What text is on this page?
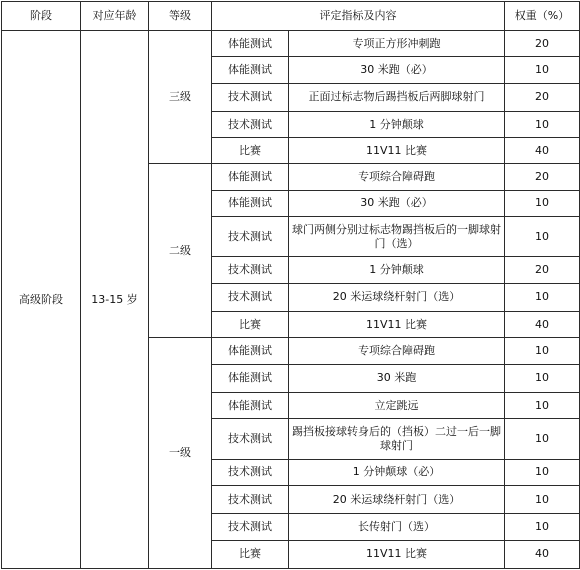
阶段	对应年龄	等级	评定指标及内容		权重（%）
高级阶段	13-15 岁	三级	体能测试	专项正方形冲刺跑	20
			体能测试	30 米跑（必）	10
			技术测试	正面过标志物后踢挡板后两脚球射门	20
			技术测试	1 分钟颠球	10
			比赛	11V11 比赛	40
		二级	体能测试	专项综合障碍跑	20
			体能测试	30 米跑（必）	10
			技术测试	球门两侧分别过标志物踢挡板后的一脚球射门（选）	10
			技术测试	1 分钟颠球	20
			技术测试	20 米运球绕杆射门（选）	10
			比赛	11V11 比赛	40
		一级	体能测试	专项综合障碍跑	10
			体能测试	30 米跑	10
			体能测试	立定跳远	10
			技术测试	踢挡板接球转身后的（挡板）二过一后一脚球射门	10
			技术测试	1 分钟颠球（必）	10
			技术测试	20 米运球绕杆射门（选）	10
			技术测试	长传射门（选）	10
			比赛	11V11 比赛	40
